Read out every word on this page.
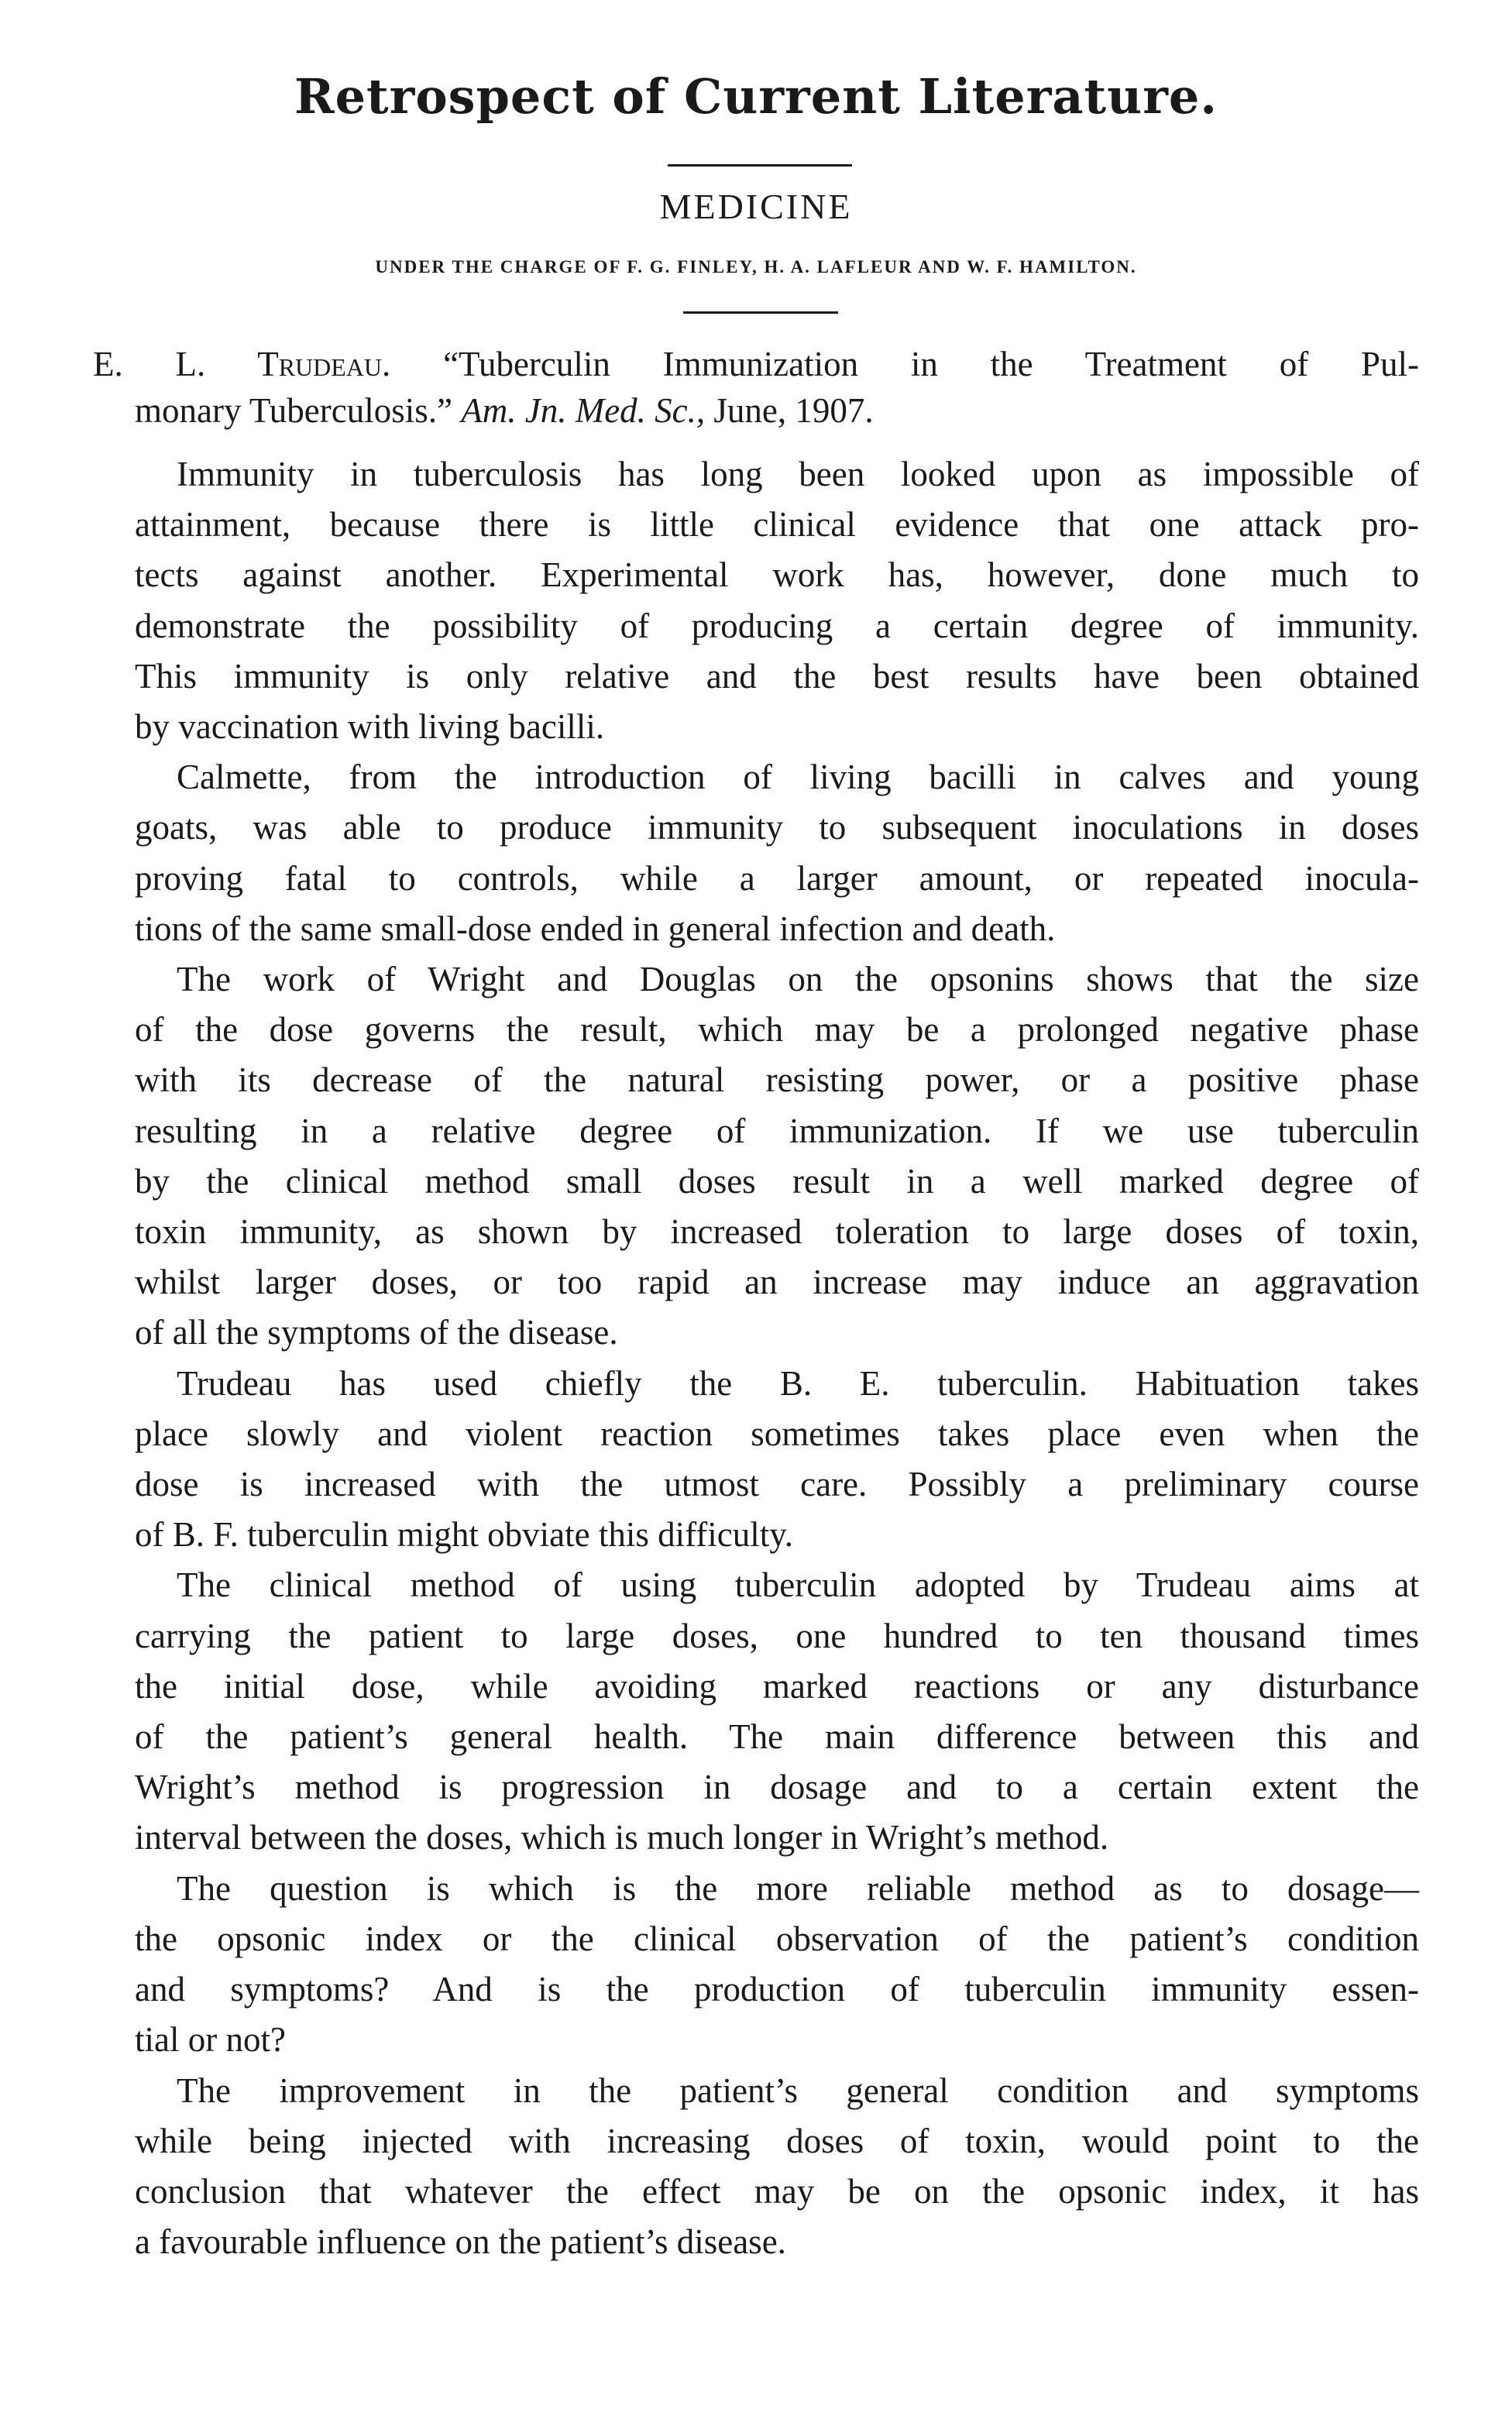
Retrospect of Current Literature.
MEDICINE
UNDER THE CHARGE OF F. G. FINLEY, H. A. LAFLEUR AND W. F. HAMILTON.
E. L. Trudeau. “Tuberculin Immunization in the Treatment of Pul-
monary Tuberculosis.” Am. Jn. Med. Sc., June, 1907.

Immunity in tuberculosis has long been looked upon as impossible of
attainment, because there is little clinical evidence that one attack pro-
tects against another. Experimental work has, however, done much to
demonstrate the possibility of producing a certain degree of immunity.
This immunity is only relative and the best results have been obtained
by vaccination with living bacilli.

Calmette, from the introduction of living bacilli in calves and young
goats, was able to produce immunity to subsequent inoculations in doses
proving fatal to controls, while a larger amount, or repeated inocula-
tions of the same small-dose ended in general infection and death.

The work of Wright and Douglas on the opsonins shows that the size
of the dose governs the result, which may be a prolonged negative phase
with its decrease of the natural resisting power, or a positive phase
resulting in a relative degree of immunization. If we use tuberculin
by the clinical method small doses result in a well marked degree of
toxin immunity, as shown by increased toleration to large doses of toxin,
whilst larger doses, or too rapid an increase may induce an aggravation
of all the symptoms of the disease.

Trudeau has used chiefly the B. E. tuberculin. Habituation takes
place slowly and violent reaction sometimes takes place even when the
dose is increased with the utmost care. Possibly a preliminary course
of B. F. tuberculin might obviate this difficulty.

The clinical method of using tuberculin adopted by Trudeau aims at
carrying the patient to large doses, one hundred to ten thousand times
the initial dose, while avoiding marked reactions or any disturbance
of the patient’s general health. The main difference between this and
Wright’s method is progression in dosage and to a certain extent the
interval between the doses, which is much longer in Wright’s method.

The question is which is the more reliable method as to dosage—
the opsonic index or the clinical observation of the patient’s condition
and symptoms? And is the production of tuberculin immunity essen-
tial or not?

The improvement in the patient’s general condition and symptoms
while being injected with increasing doses of toxin, would point to the
conclusion that whatever the effect may be on the opsonic index, it has
a favourable influence on the patient’s disease.
